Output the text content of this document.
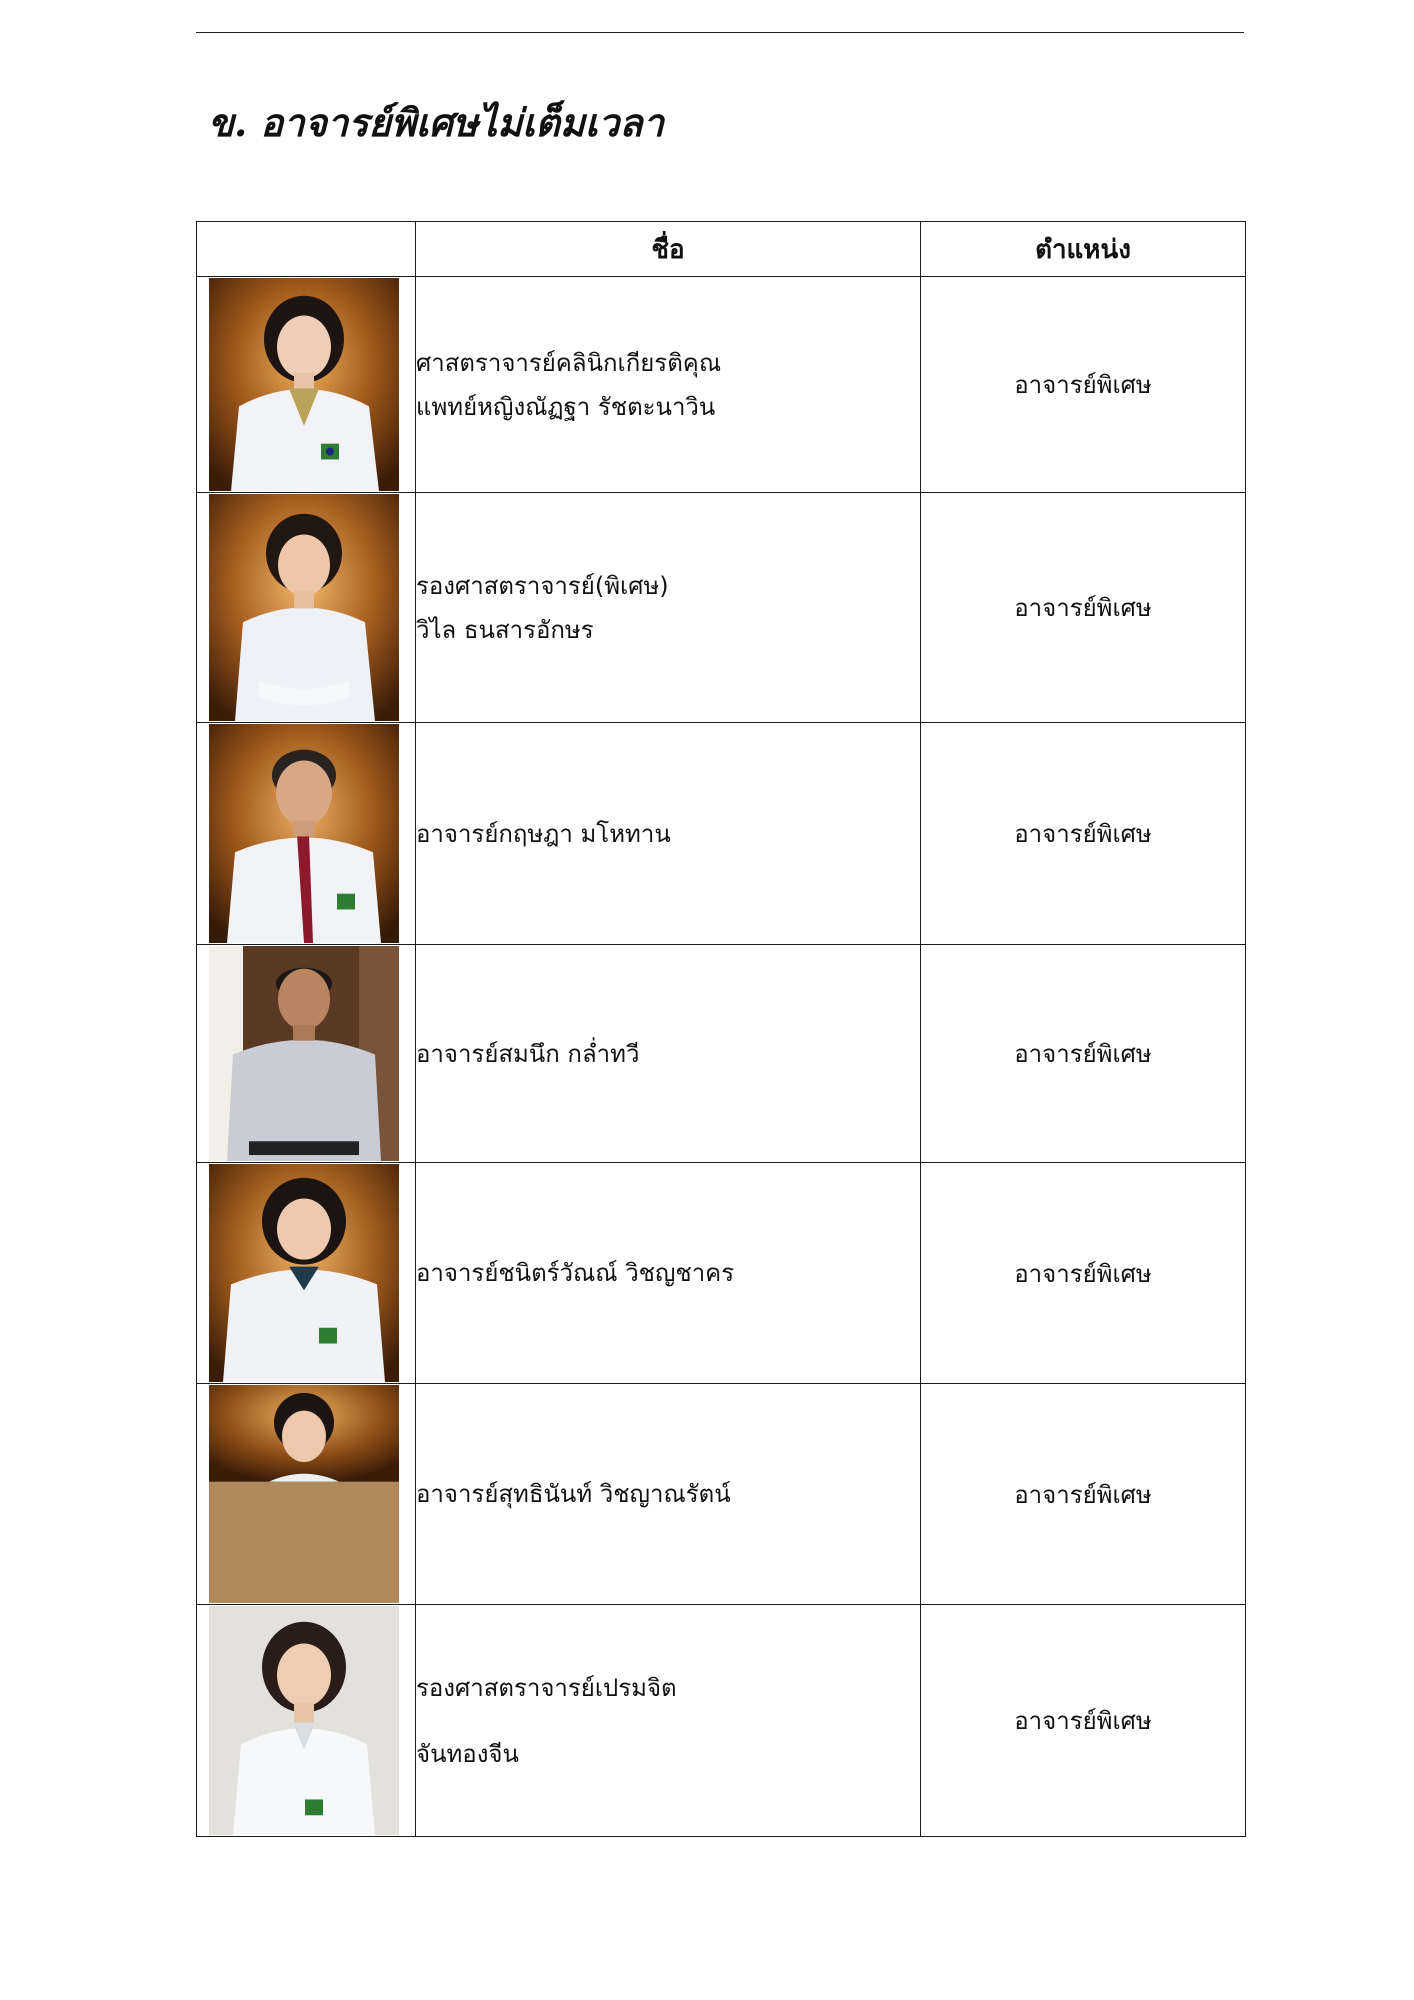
ข. อาจารย์พิเศษไม่เต็มเวลา
	ชื่อ	ตำแหน่ง

ศาสตราจารย์คลินิกเกียรติคุณ
แพทย์หญิงณัฏฐา รัชตะนาวิน	อาจารย์พิเศษ

รองศาสตราจารย์(พิเศษ)
วิไล ธนสารอักษร	อาจารย์พิเศษ

อาจารย์กฤษฎา มโหทาน	อาจารย์พิเศษ

อาจารย์สมนึก กล่ำทวี	อาจารย์พิเศษ

อาจารย์ชนิตร์วัณณ์ วิชญชาคร	อาจารย์พิเศษ

อาจารย์สุทธินันท์ วิชญาณรัตน์	อาจารย์พิเศษ

รองศาสตราจารย์เปรมจิต
จันทองจีน	อาจารย์พิเศษ
